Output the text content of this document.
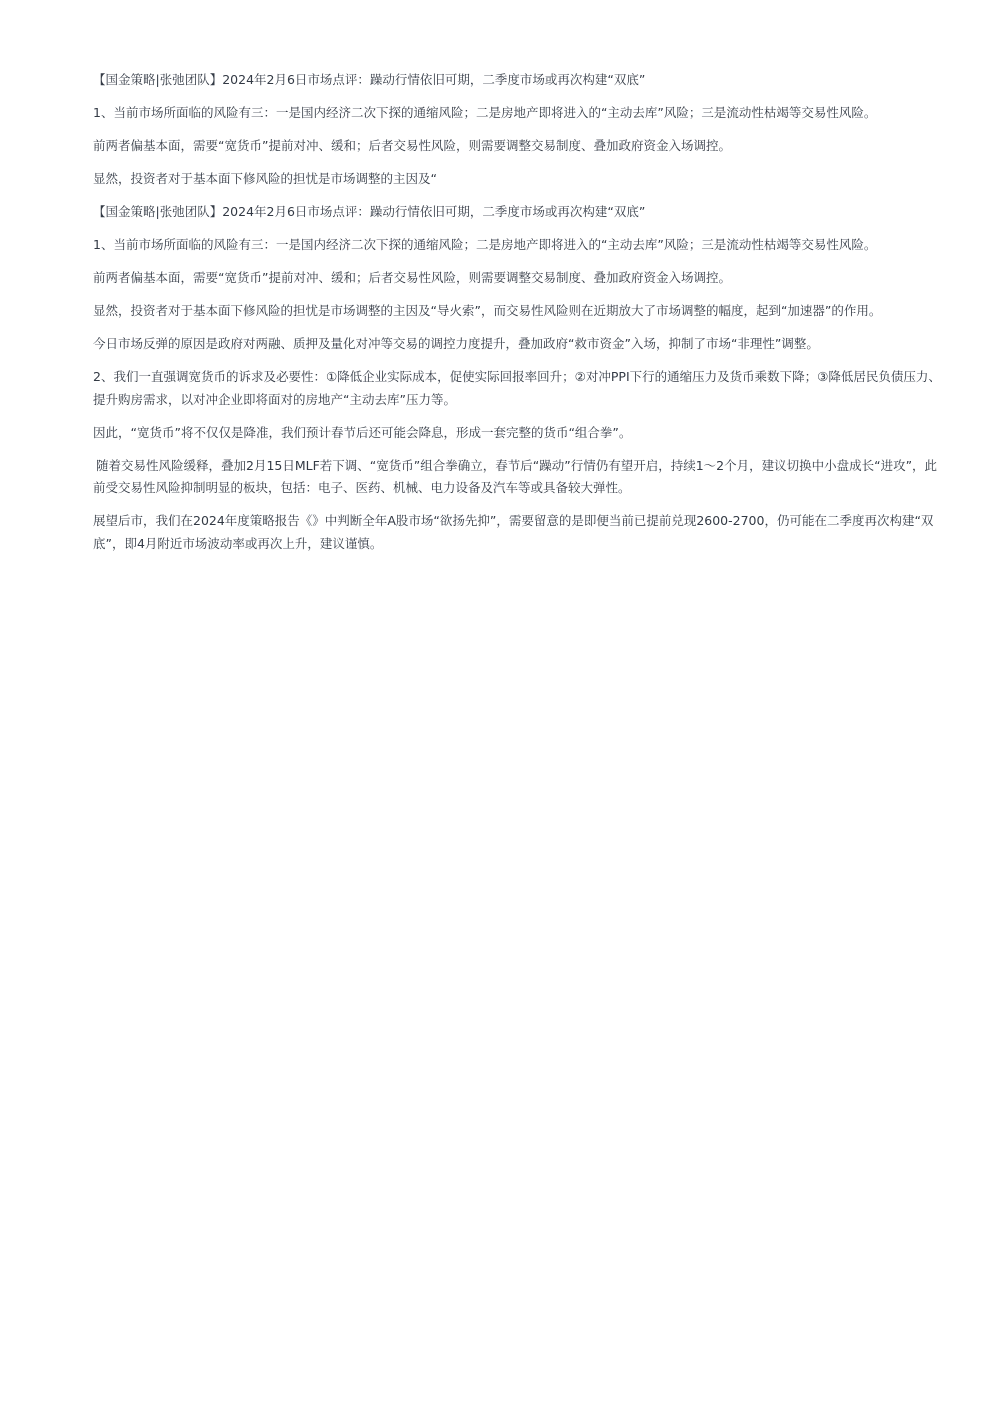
【国金策略|张弛团队】2024年2月6日市场点评：躁动行情依旧可期，二季度市场或再次构建“双底”

1、当前市场所面临的风险有三：一是国内经济二次下探的通缩风险；二是房地产即将进入的“主动去库”风险；三是流动性枯竭等交易性风险。

前两者偏基本面，需要“宽货币”提前对冲、缓和；后者交易性风险，则需要调整交易制度、叠加政府资金入场调控。

显然，投资者对于基本面下修风险的担忧是市场调整的主因及“

【国金策略|张弛团队】2024年2月6日市场点评：躁动行情依旧可期，二季度市场或再次构建“双底”

1、当前市场所面临的风险有三：一是国内经济二次下探的通缩风险；二是房地产即将进入的“主动去库”风险；三是流动性枯竭等交易性风险。

前两者偏基本面，需要“宽货币”提前对冲、缓和；后者交易性风险，则需要调整交易制度、叠加政府资金入场调控。

显然，投资者对于基本面下修风险的担忧是市场调整的主因及“导火索”，而交易性风险则在近期放大了市场调整的幅度，起到“加速器”的作用。

今日市场反弹的原因是政府对两融、质押及量化对冲等交易的调控力度提升，叠加政府“救市资金”入场，抑制了市场“非理性”调整。

2、我们一直强调宽货币的诉求及必要性：①降低企业实际成本，促使实际回报率回升；②对冲PPI下行的通缩压力及货币乘数下降；③降低居民负债压力、提升购房需求，以对冲企业即将面对的房地产“主动去库”压力等。

因此，“宽货币”将不仅仅是降准，我们预计春节后还可能会降息，形成一套完整的货币“组合拳”。

随着交易性风险缓释，叠加2月15日MLF若下调、“宽货币”组合拳确立，春节后“躁动”行情仍有望开启，持续1～2个月，建议切换中小盘成长“进攻”，此前受交易性风险抑制明显的板块，包括：电子、医药、机械、电力设备及汽车等或具备较大弹性。

展望后市，我们在2024年度策略报告《》中判断全年A股市场“欲扬先抑”，需要留意的是即便当前已提前兑现2600-2700，仍可能在二季度再次构建“双底”，即4月附近市场波动率或再次上升，建议谨慎。
